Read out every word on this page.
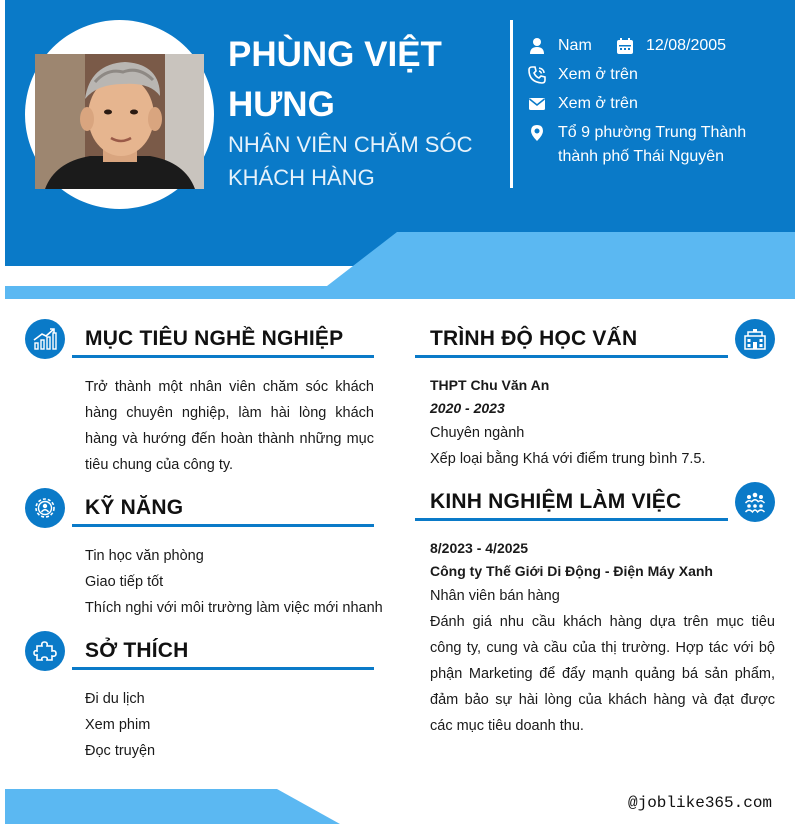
PHÙNG VIỆT HƯNG
NHÂN VIÊN CHĂM SÓC KHÁCH HÀNG
Nam	12/08/2005
Xem ở trên
Xem ở trên
Tổ 9 phường Trung Thành
thành phố Thái Nguyên
MỤC TIÊU NGHỀ NGHIỆP
Trở thành một nhân viên chăm sóc khách hàng chuyên nghiệp, làm hài lòng khách hàng và hướng đến hoàn thành những mục tiêu chung của công ty.
KỸ NĂNG
Tin học văn phòng
Giao tiếp tốt
Thích nghi với môi trường làm việc mới nhanh
SỞ THÍCH
Đi du lịch
Xem phim
Đọc truyện
TRÌNH ĐỘ HỌC VẤN
THPT Chu Văn An
2020 - 2023
Chuyên ngành
Xếp loại bằng Khá với điểm trung bình 7.5.
KINH NGHIỆM LÀM VIỆC
8/2023 - 4/2025
Công ty Thế Giới Di Động - Điện Máy Xanh
Nhân viên bán hàng
Đánh giá nhu cầu khách hàng dựa trên mục tiêu công ty, cung và cầu của thị trường. Hợp tác với bộ phận Marketing để đẩy mạnh quảng bá sản phẩm, đảm bảo sự hài lòng của khách hàng và đạt được các mục tiêu doanh thu.
@joblike365.com
